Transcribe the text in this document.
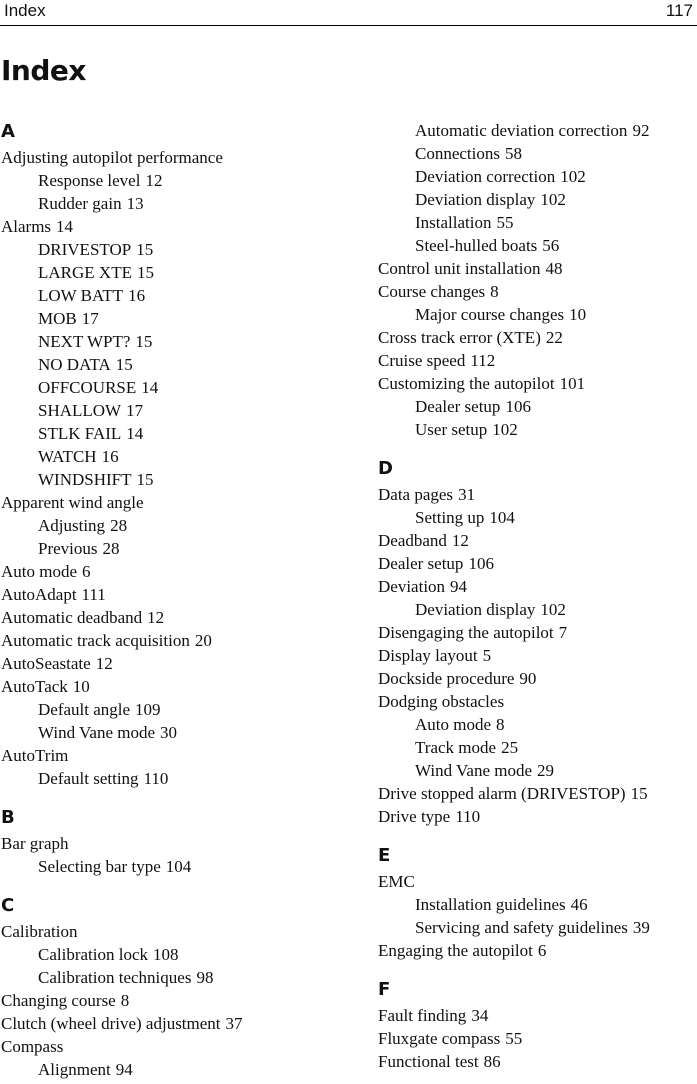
Index	117
Index
A
Adjusting autopilot performance
Response level 12
Rudder gain 13
Alarms 14
DRIVESTOP 15
LARGE XTE 15
LOW BATT 16
MOB 17
NEXT WPT? 15
NO DATA 15
OFFCOURSE 14
SHALLOW 17
STLK FAIL 14
WATCH 16
WINDSHIFT 15
Apparent wind angle
Adjusting 28
Previous 28
Auto mode 6
AutoAdapt 111
Automatic deadband 12
Automatic track acquisition 20
AutoSeastate 12
AutoTack 10
Default angle 109
Wind Vane mode 30
AutoTrim
Default setting 110
B
Bar graph
Selecting bar type 104
C
Calibration
Calibration lock 108
Calibration techniques 98
Changing course 8
Clutch (wheel drive) adjustment 37
Compass
Alignment 94
Automatic deviation correction 92
Connections 58
Deviation correction 102
Deviation display 102
Installation 55
Steel-hulled boats 56
Control unit installation 48
Course changes 8
Major course changes 10
Cross track error (XTE) 22
Cruise speed 112
Customizing the autopilot 101
Dealer setup 106
User setup 102
D
Data pages 31
Setting up 104
Deadband 12
Dealer setup 106
Deviation 94
Deviation display 102
Disengaging the autopilot 7
Display layout 5
Dockside procedure 90
Dodging obstacles
Auto mode 8
Track mode 25
Wind Vane mode 29
Drive stopped alarm (DRIVESTOP) 15
Drive type 110
E
EMC
Installation guidelines 46
Servicing and safety guidelines 39
Engaging the autopilot 6
F
Fault finding 34
Fluxgate compass 55
Functional test 86
